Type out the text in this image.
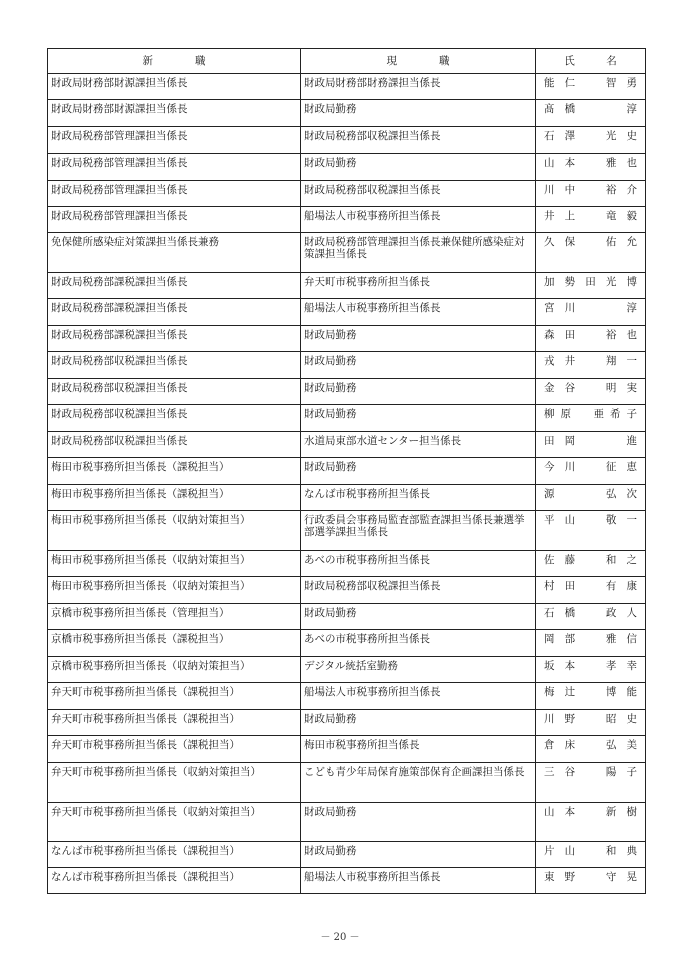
新　　　　職	現　　　　職	氏　　　名
財政局財務部財源課担当係長	財政局財務部財務課担当係長	能仁　智勇
財政局財務部財源課担当係長	財政局勤務	髙橋　　淳
財政局税務部管理課担当係長	財政局税務部収税課担当係長	石澤　光史
財政局税務部管理課担当係長	財政局勤務	山本　雅也
財政局税務部管理課担当係長	財政局税務部収税課担当係長	川中　裕介
財政局税務部管理課担当係長	船場法人市税事務所担当係長	井上　竜毅
免保健所感染症対策課担当係長兼務	財政局税務部管理課担当係長兼保健所感染症対策課担当係長	久保　佑允
財政局税務部課税課担当係長	弁天町市税事務所担当係長	加勢田光博
財政局税務部課税課担当係長	船場法人市税事務所担当係長	宮川　　淳
財政局税務部課税課担当係長	財政局勤務	森田　裕也
財政局税務部収税課担当係長	財政局勤務	戎井　翔一
財政局税務部収税課担当係長	財政局勤務	金谷　明実
財政局税務部収税課担当係長	財政局勤務	柳原　亜希子
財政局税務部収税課担当係長	水道局東部水道センター担当係長	田岡　　進
梅田市税事務所担当係長（課税担当）	財政局勤務	今川　征恵
梅田市税事務所担当係長（課税担当）	なんば市税事務所担当係長	源　　弘次
梅田市税事務所担当係長（収納対策担当）	行政委員会事務局監査部監査課担当係長兼選挙部選挙課担当係長	平山　敬一
梅田市税事務所担当係長（収納対策担当）	あべの市税事務所担当係長	佐藤　和之
梅田市税事務所担当係長（収納対策担当）	財政局税務部収税課担当係長	村田　有康
京橋市税事務所担当係長（管理担当）	財政局勤務	石橋　政人
京橋市税事務所担当係長（課税担当）	あべの市税事務所担当係長	岡部　雅信
京橋市税事務所担当係長（収納対策担当）	デジタル統括室勤務	坂本　孝幸
弁天町市税事務所担当係長（課税担当）	船場法人市税事務所担当係長	梅辻　博能
弁天町市税事務所担当係長（課税担当）	財政局勤務	川野　昭史
弁天町市税事務所担当係長（課税担当）	梅田市税事務所担当係長	倉床　弘美
弁天町市税事務所担当係長（収納対策担当）	こども青少年局保育施策部保育企画課担当係長	三谷　陽子
弁天町市税事務所担当係長（収納対策担当）	財政局勤務	山本　新樹
なんば市税事務所担当係長（課税担当）	財政局勤務	片山　和典
なんば市税事務所担当係長（課税担当）	船場法人市税事務所担当係長	東野　守晃
－ 20 －
